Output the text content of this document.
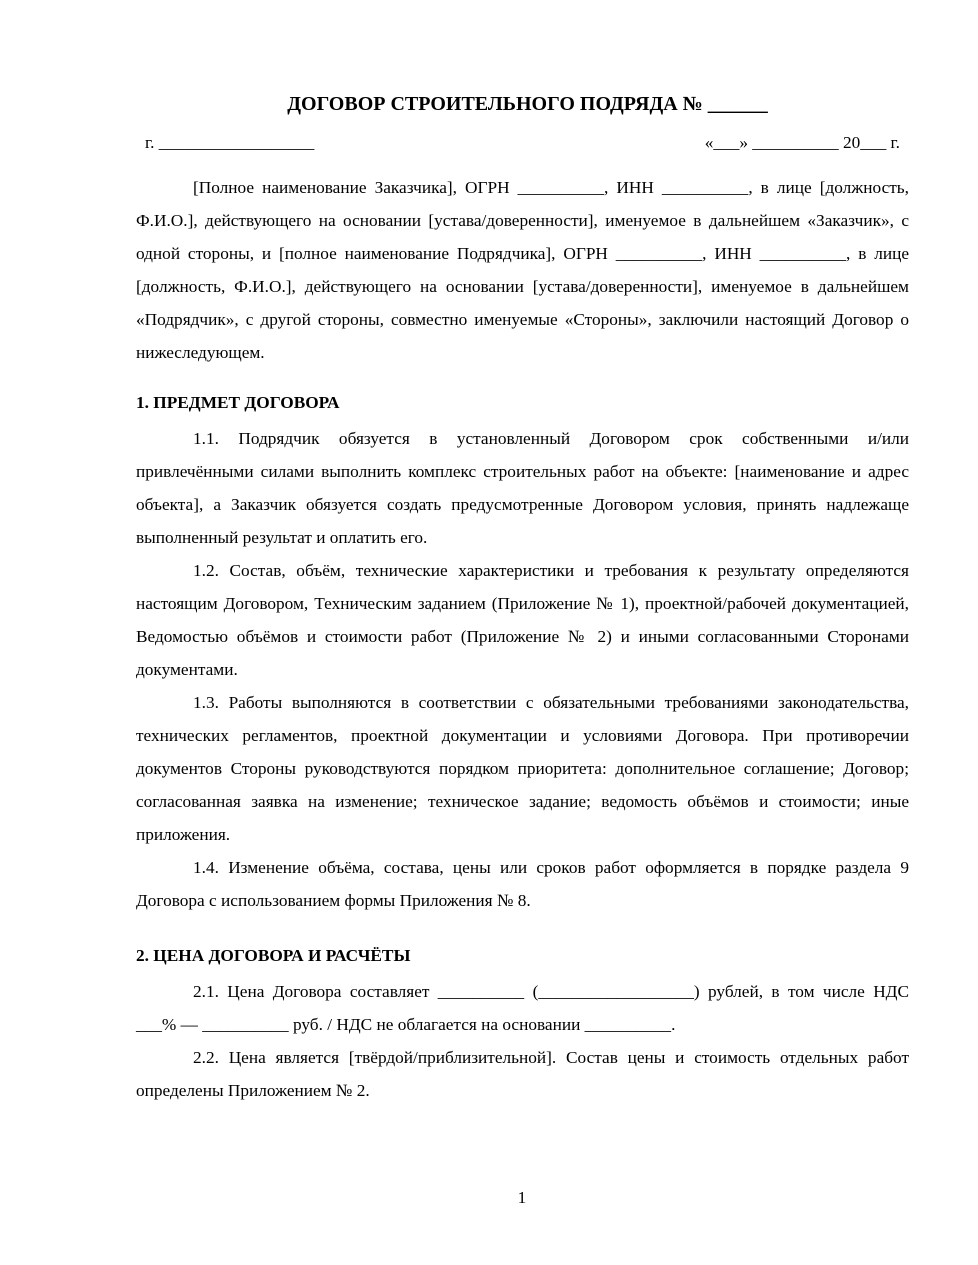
ДОГОВОР СТРОИТЕЛЬНОГО ПОДРЯДА № ______
г. __________________	«___» __________ 20___ г.

[Полное наименование Заказчика], ОГРН __________, ИНН __________, в лице [должность, Ф.И.О.], действующего на основании [устава/доверенности], именуемое в дальнейшем «Заказчик», с одной стороны, и [полное наименование Подрядчика], ОГРН __________, ИНН __________, в лице [должность, Ф.И.О.], действующего на основании [устава/доверенности], именуемое в дальнейшем «Подрядчик», с другой стороны, совместно именуемые «Стороны», заключили настоящий Договор о нижеследующем.

1. ПРЕДМЕТ ДОГОВОРА

1.1. Подрядчик обязуется в установленный Договором срок собственными и/или привлечёнными силами выполнить комплекс строительных работ на объекте: [наименование и адрес объекта], а Заказчик обязуется создать предусмотренные Договором условия, принять надлежаще выполненный результат и оплатить его.

1.2. Состав, объём, технические характеристики и требования к результату определяются настоящим Договором, Техническим заданием (Приложение № 1), проектной/рабочей документацией, Ведомостью объёмов и стоимости работ (Приложение № 2) и иными согласованными Сторонами документами.

1.3. Работы выполняются в соответствии с обязательными требованиями законодательства, технических регламентов, проектной документации и условиями Договора. При противоречии документов Стороны руководствуются порядком приоритета: дополнительное соглашение; Договор; согласованная заявка на изменение; техническое задание; ведомость объёмов и стоимости; иные приложения.

1.4. Изменение объёма, состава, цены или сроков работ оформляется в порядке раздела 9 Договора с использованием формы Приложения № 8.

2. ЦЕНА ДОГОВОРА И РАСЧЁТЫ

2.1. Цена Договора составляет __________ (__________________) рублей, в том числе НДС ___% — __________ руб. / НДС не облагается на основании __________.

2.2. Цена является [твёрдой/приблизительной]. Состав цены и стоимость отдельных работ определены Приложением № 2.

1
